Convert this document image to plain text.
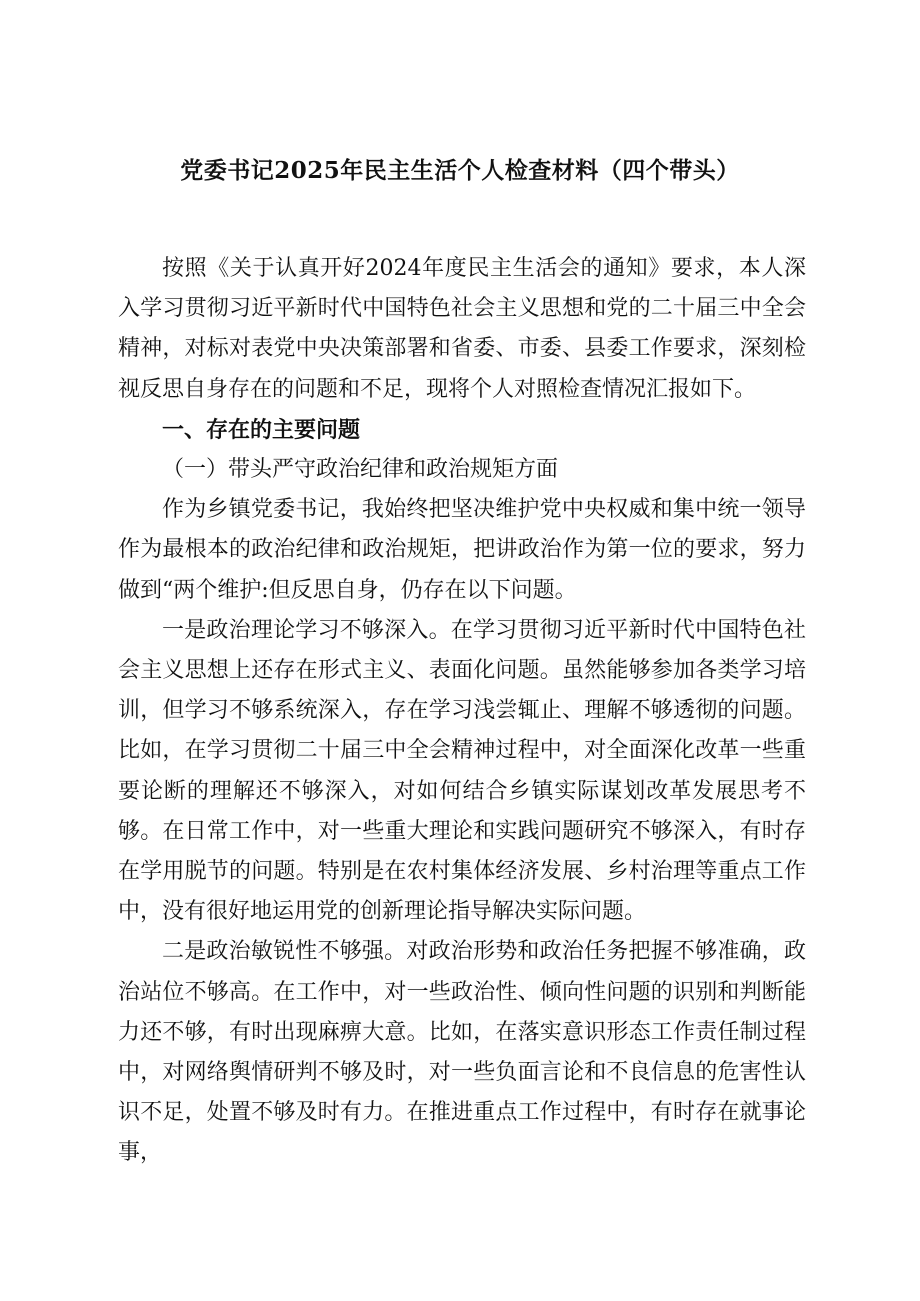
党委书记2025年民主生活个人检查材料（四个带头）

按照《关于认真开好2024年度民主生活会的通知》要求，本人深入学习贯彻习近平新时代中国特色社会主义思想和党的二十届三中全会精神，对标对表党中央决策部署和省委、市委、县委工作要求，深刻检视反思自身存在的问题和不足，现将个人对照检查情况汇报如下。

一、存在的主要问题

（一）带头严守政治纪律和政治规矩方面

作为乡镇党委书记，我始终把坚决维护党中央权威和集中统一领导作为最根本的政治纪律和政治规矩，把讲政治作为第一位的要求，努力做到“两个维护:但反思自身，仍存在以下问题。

一是政治理论学习不够深入。在学习贯彻习近平新时代中国特色社会主义思想上还存在形式主义、表面化问题。虽然能够参加各类学习培训，但学习不够系统深入，存在学习浅尝辄止、理解不够透彻的问题。比如，在学习贯彻二十届三中全会精神过程中，对全面深化改革一些重要论断的理解还不够深入，对如何结合乡镇实际谋划改革发展思考不够。在日常工作中，对一些重大理论和实践问题研究不够深入，有时存在学用脱节的问题。特别是在农村集体经济发展、乡村治理等重点工作中，没有很好地运用党的创新理论指导解决实际问题。

二是政治敏锐性不够强。对政治形势和政治任务把握不够准确，政治站位不够高。在工作中，对一些政治性、倾向性问题的识别和判断能力还不够，有时出现麻痹大意。比如，在落实意识形态工作责任制过程中，对网络舆情研判不够及时，对一些负面言论和不良信息的危害性认识不足，处置不够及时有力。在推进重点工作过程中，有时存在就事论事，
